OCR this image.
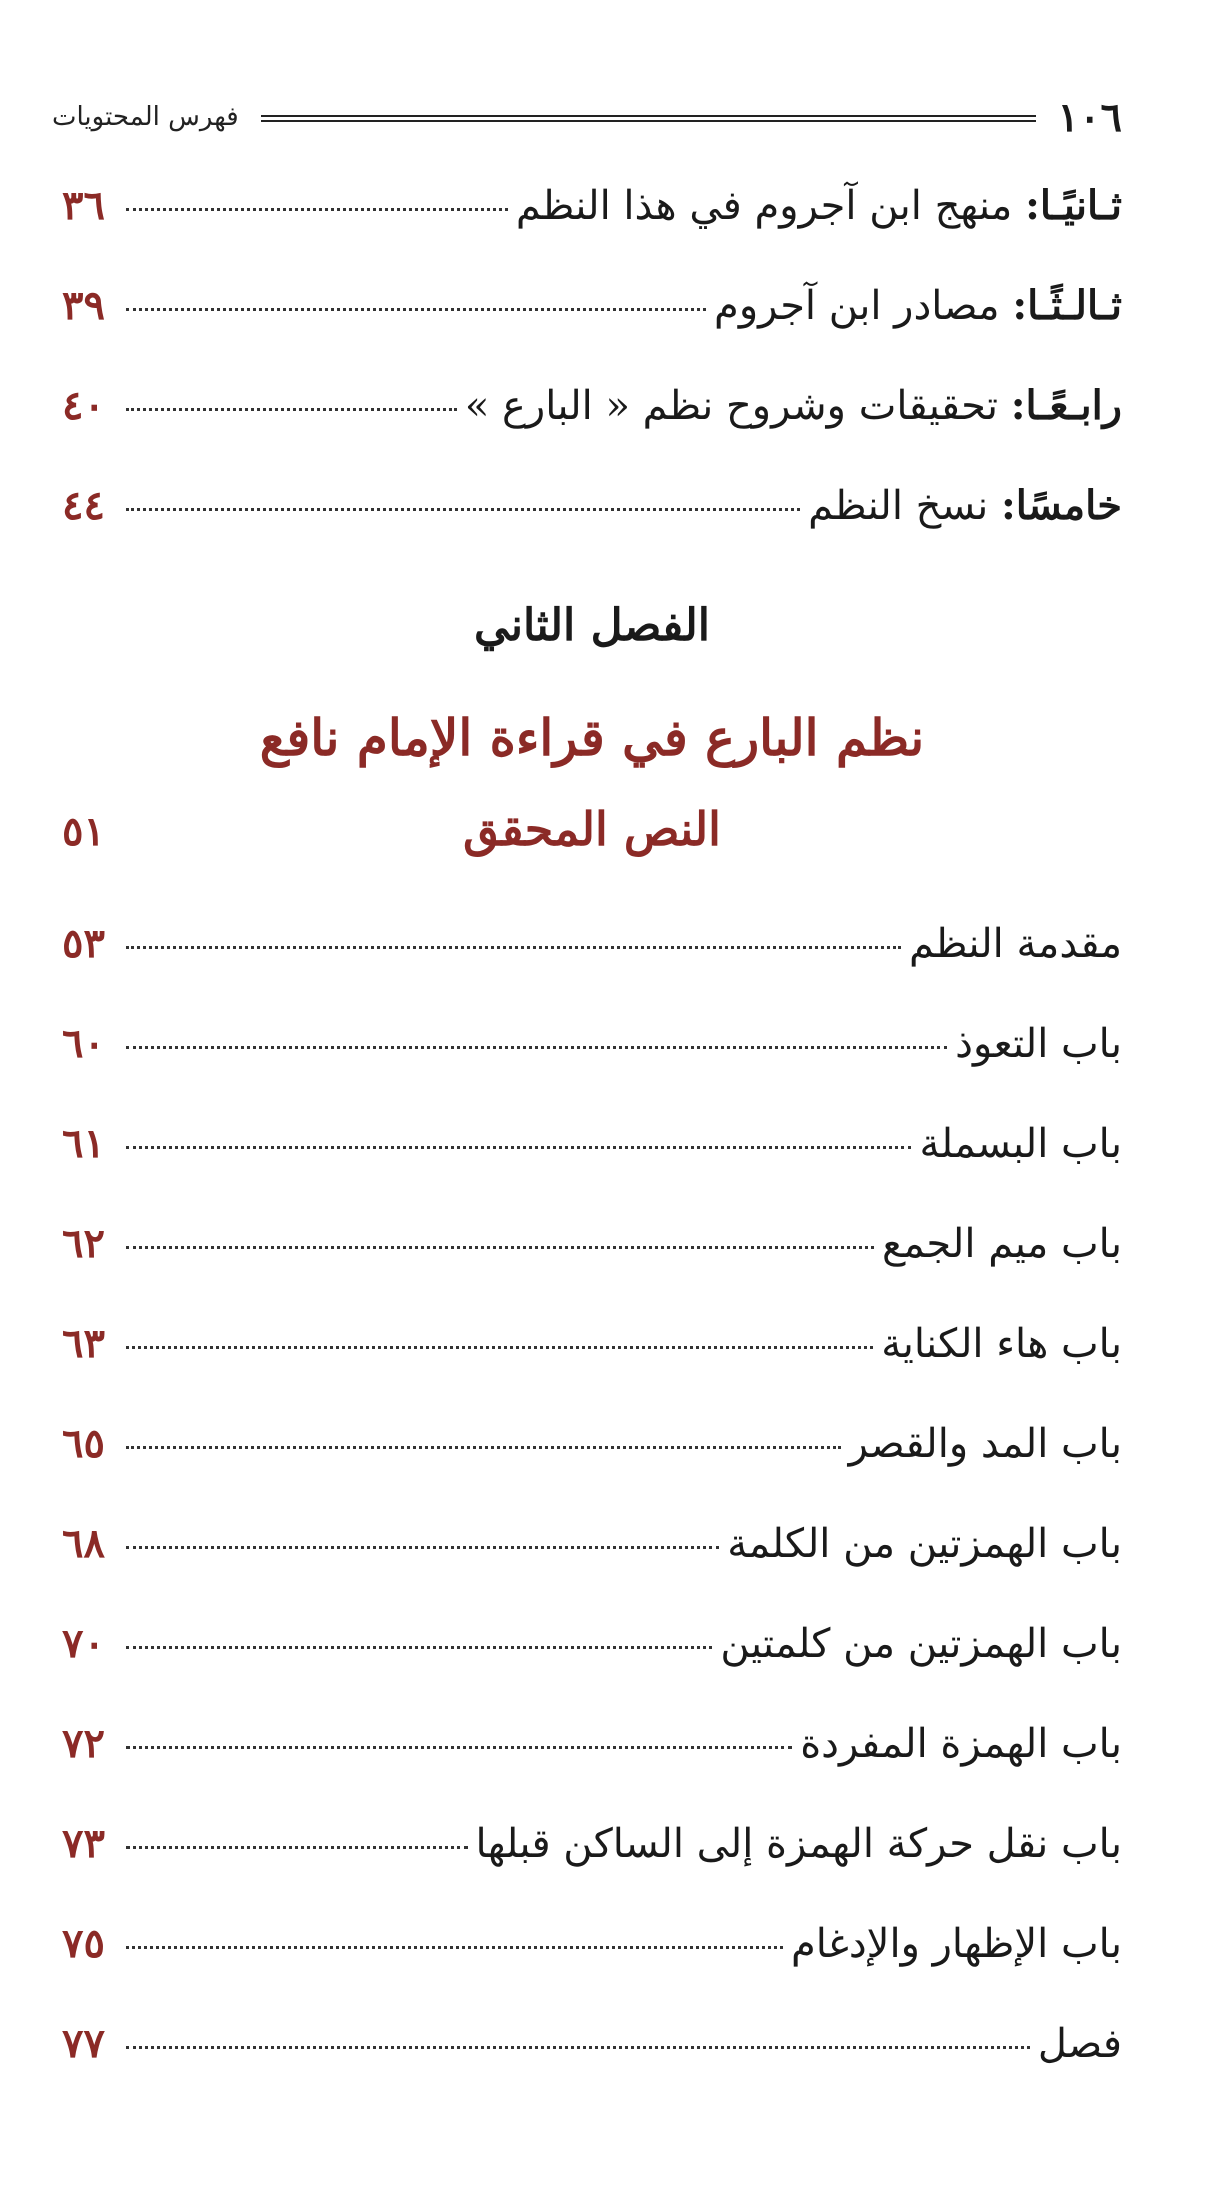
١٠٦
فهرس المحتويات
ثـانيًـا: منهج ابن آجروم في هذا النظم
٣٦
ثـالـثًـا: مصادر ابن آجروم
٣٩
رابـعًـا: تحقيقات وشروح نظم « البارع »
٤٠
خامسًا: نسخ النظم
٤٤
الفصل الثاني
نظم البارع في قراءة الإمام نافع
النص المحقق
٥١
مقدمة النظم
٥٣
باب التعوذ
٦٠
باب البسملة
٦١
باب ميم الجمع
٦٢
باب هاء الكناية
٦٣
باب المد والقصر
٦٥
باب الهمزتين من الكلمة
٦٨
باب الهمزتين من كلمتين
٧٠
باب الهمزة المفردة
٧٢
باب نقل حركة الهمزة إلى الساكن قبلها
٧٣
باب الإظهار والإدغام
٧٥
فصل
٧٧
